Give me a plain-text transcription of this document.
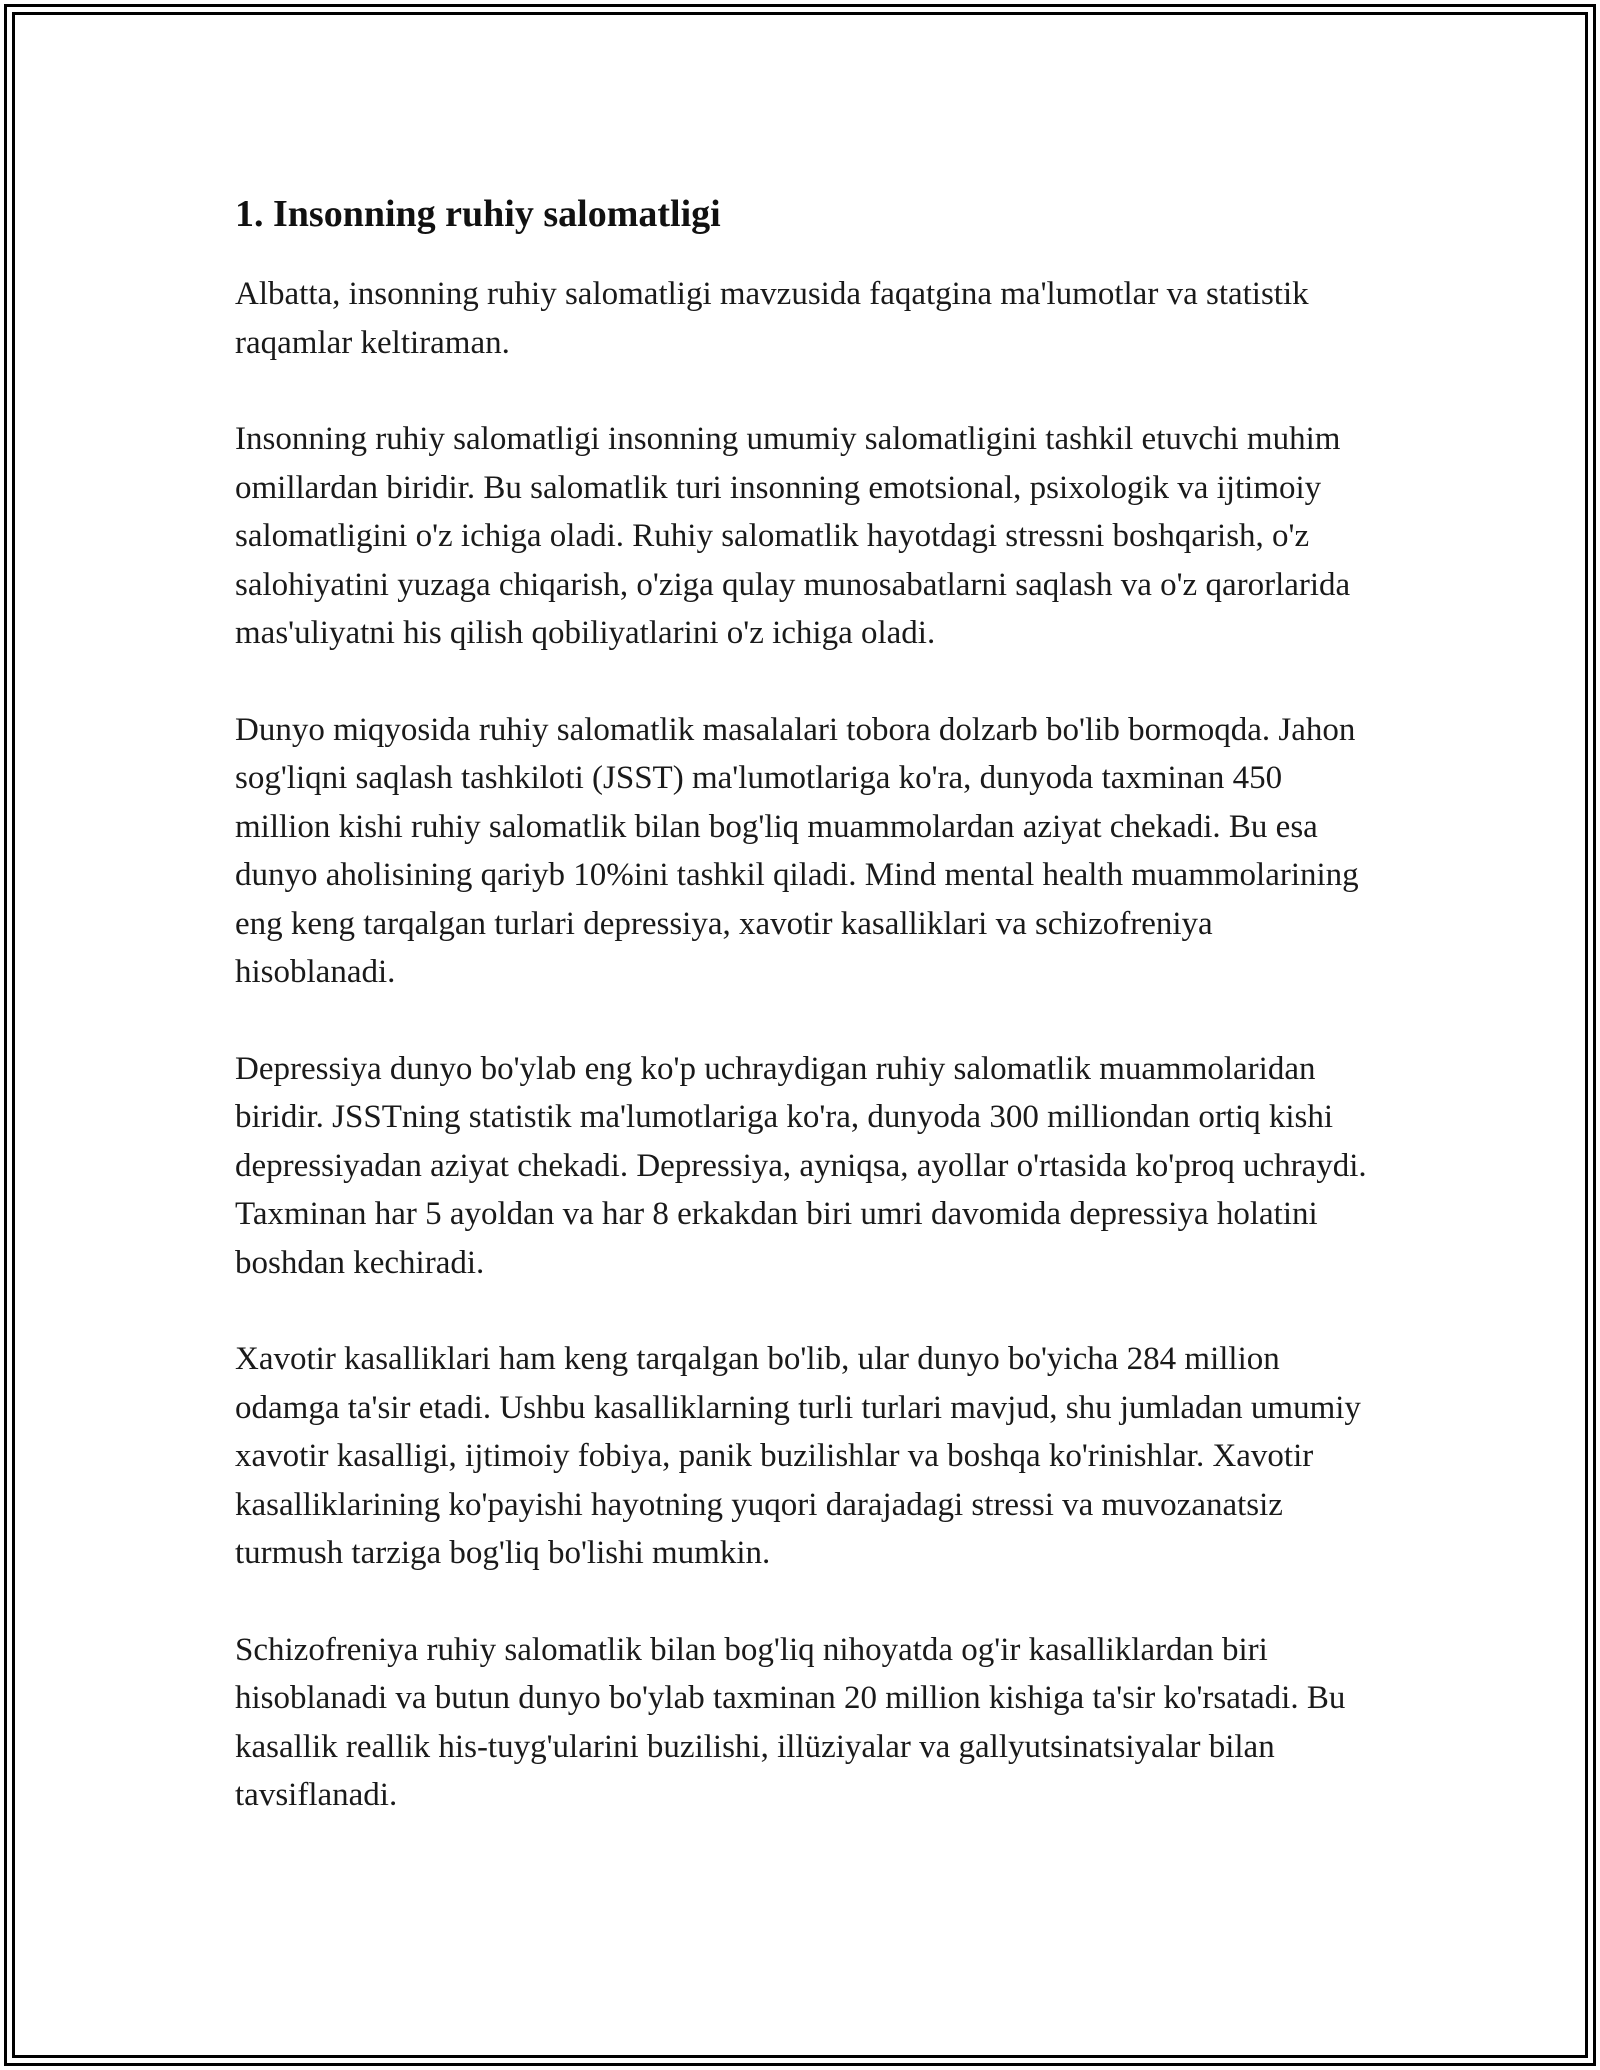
1. Insonning ruhiy salomatligi

Albatta, insonning ruhiy salomatligi mavzusida faqatgina ma'lumotlar va statistik raqamlar keltiraman.

Insonning ruhiy salomatligi insonning umumiy salomatligini tashkil etuvchi muhim omillardan biridir. Bu salomatlik turi insonning emotsional, psixologik va ijtimoiy salomatligini o'z ichiga oladi. Ruhiy salomatlik hayotdagi stressni boshqarish, o'z salohiyatini yuzaga chiqarish, o'ziga qulay munosabatlarni saqlash va o'z qarorlarida mas'uliyatni his qilish qobiliyatlarini o'z ichiga oladi.

Dunyo miqyosida ruhiy salomatlik masalalari tobora dolzarb bo'lib bormoqda. Jahon sog'liqni saqlash tashkiloti (JSST) ma'lumotlariga ko'ra, dunyoda taxminan 450 million kishi ruhiy salomatlik bilan bog'liq muammolardan aziyat chekadi. Bu esa dunyo aholisining qariyb 10%ini tashkil qiladi. Mind mental health muammolarining eng keng tarqalgan turlari depressiya, xavotir kasalliklari va schizofreniya hisoblanadi.

Depressiya dunyo bo'ylab eng ko'p uchraydigan ruhiy salomatlik muammolaridan biridir. JSSTning statistik ma'lumotlariga ko'ra, dunyoda 300 milliondan ortiq kishi depressiyadan aziyat chekadi. Depressiya, ayniqsa, ayollar o'rtasida ko'proq uchraydi. Taxminan har 5 ayoldan va har 8 erkakdan biri umri davomida depressiya holatini boshdan kechiradi.

Xavotir kasalliklari ham keng tarqalgan bo'lib, ular dunyo bo'yicha 284 million odamga ta'sir etadi. Ushbu kasalliklarning turli turlari mavjud, shu jumladan umumiy xavotir kasalligi, ijtimoiy fobiya, panik buzilishlar va boshqa ko'rinishlar. Xavotir kasalliklarining ko'payishi hayotning yuqori darajadagi stressi va muvozanatsiz turmush tarziga bog'liq bo'lishi mumkin.

Schizofreniya ruhiy salomatlik bilan bog'liq nihoyatda og'ir kasalliklardan biri hisoblanadi va butun dunyo bo'ylab taxminan 20 million kishiga ta'sir ko'rsatadi. Bu kasallik reallik his-tuyg'ularini buzilishi, illüziyalar va gallyutsinatsiyalar bilan tavsiflanadi.
